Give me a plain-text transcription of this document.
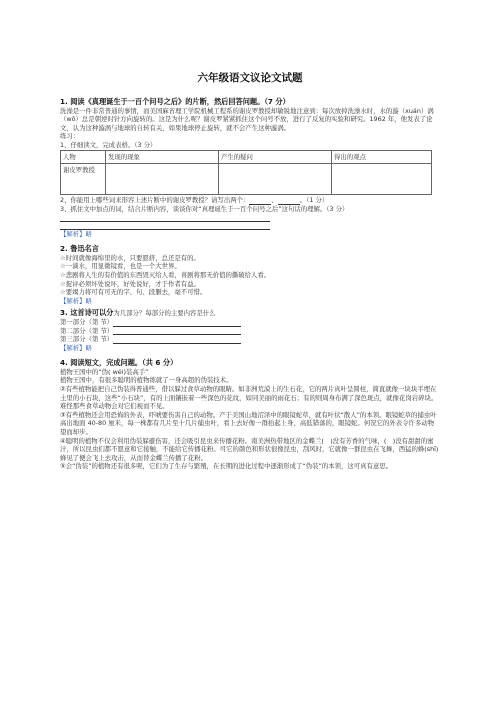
六年级语文议论文试题
1. 阅读《真理诞生于一百个问号之后》的片断，然后回答问题。（7 分）

洗澡是一件非常普通的事情，而美国麻省理工学院机械工程系的谢皮罗教授却敏锐地注意到：每次放掉洗澡水时，水的漩（xuán）涡（wō）总是朝逆时针方向旋转的。这是为什么呢？谢皮罗紧紧抓住这个问号不放，进行了反复的实验和研究。1962 年，他发表了论文，认为这种漩涡与地球的自转有关，如果地球停止旋转，就不会产生这种漩涡。

练习：

1、仔细读文，完成表格。（3 分）

人物	发现的现象	产生的疑问	得出的观点
谢皮罗教授			

2、你能用上哪些词来形容上述片断中的谢皮罗教授？请写出两个：	、	。（1 分）

3、抓住文中加点的词，结合片断内容，谈谈你对“真理诞生于一百个问号之后”这句话的理解。（3 分）

【解析】略
2. 鲁迅名言

☆时间就像海绵里的水，只要愿挤，总还是有的。

☆一滴水，用显微镜看，也是一个大世界。

☆悲剧将人生的有价值的东西毁灭给人看，喜剧将那无价值的撕破给人看。

☆捉评必须坏处说坏，好处说好，才于作者有益。

☆要竭力将可有可无的字、句、段删去，毫不可惜。

【解析】略
3. 这首诗可以分为几部分？每部分的主要内容是什么

第一部分（第 节）

第二部分（第 节）

第三部分（第 节）

【解析】略
4. 阅读短文，完成问题。（共 6 分）

植物王国中的“伪( wéi)装高手”

植物王国中，有很多聪明的植物练就了一身高超的伪装技术。

②有些植物能把自己伪装得普通些，借以躲过食草动物的眼睛。如非洲荒漠上的生石花，它的两片真叶呈圆柱，简直就像一块块半埋在土里的小石块，这些“小石块”，有的上面镶嵌着一些深色的花纹，如同美丽的雨花石；有的则周身布满了深色斑点，就像花岗岩碎块。难怪那些食草动物会对它们视而不见。

③有些植物还会用恐怖的外表，吓唬要伤害自己的动物。产于美国山地沼泽中的眼镜蛇草，就有叶状“散人”的本领。眼镜蛇草的捕虫叶高出地面 40-80 厘米，每一株都有几片至十几片捕虫叶，看上去好像一群抬起上身、高低错落的，眼镜蛇。何况它的外表令许多动物望而却步。

④聪明的植物不仅会利用伪装躲避伤害，还会吸引昆虫来传播花粉。南美洲热带地区的金蝶兰(　)没有芳香的气味，(　)没有甜甜的蜜汁，所以昆虫们都不愿意和它接触，不能给它传播花粉。可它的颜色和形状很像昆虫，刮风时，它就像一群昆虫在飞舞，西猛的蜂(shī)蜂见了便会飞上去攻击，从而替金蝶兰传播了花粉。

⑤会“伪装”的植物还有很多呢，它们为了生存与繁殖，在长期的进化过程中逐渐形成了“伪装”的本领，这可真有意思。
